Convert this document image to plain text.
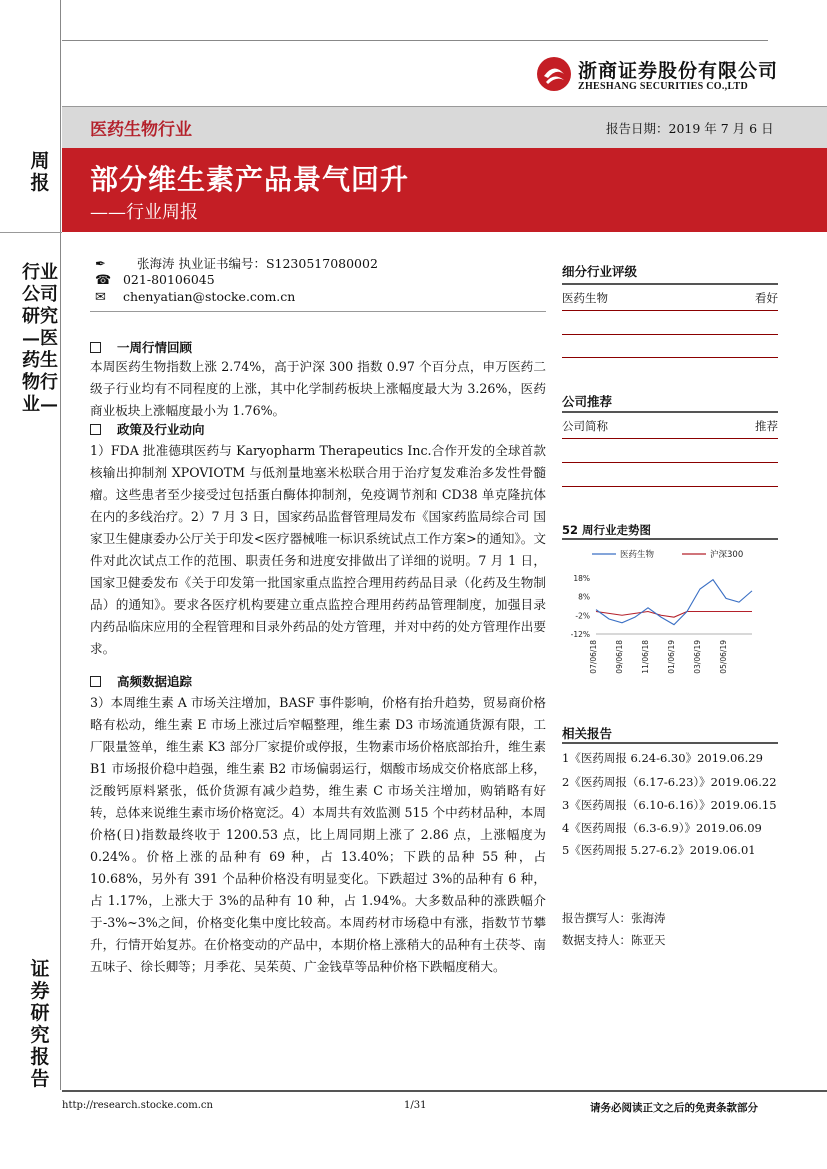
浙商证券股份有限公司
ZHESHANG SECURITIES CO.,LTD
医药生物行业	报告日期：2019 年 7 月 6 日
部分维生素产品景气回升
——行业周报
周报
行业公司研究—医药生物行业—
证券研究报告
✒ 张海涛 执业证书编号：S1230517080002
☎ 021-80106045
✉ chenyatian@stocke.com.cn
一周行情回顾
本周医药生物指数上涨 2.74%，高于沪深 300 指数 0.97 个百分点，申万医药二级子行业均有不同程度的上涨，其中化学制药板块上涨幅度最大为 3.26%，医药商业板块上涨幅度最小为 1.76%。
政策及行业动向
1）FDA 批准德琪医药与 Karyopharm Therapeutics Inc.合作开发的全球首款核输出抑制剂 XPOVIOTM 与低剂量地塞米松联合用于治疗复发难治多发性骨髓瘤。这些患者至少接受过包括蛋白酶体抑制剂，免疫调节剂和 CD38 单克隆抗体在内的多线治疗。2）7 月 3 日，国家药品监督管理局发布《国家药监局综合司 国家卫生健康委办公厅关于印发<医疗器械唯一标识系统试点工作方案>的通知》。文件对此次试点工作的范围、职责任务和进度安排做出了详细的说明。7 月 1 日，国家卫健委发布《关于印发第一批国家重点监控合理用药药品目录（化药及生物制品）的通知》。要求各医疗机构要建立重点监控合理用药药品管理制度，加强目录内药品临床应用的全程管理和目录外药品的处方管理，并对中药的处方管理作出要求。
高频数据追踪
3）本周维生素 A 市场关注增加，BASF 事件影响，价格有抬升趋势，贸易商价格略有松动，维生素 E 市场上涨过后窄幅整理，维生素 D3 市场流通货源有限，工厂限量签单，维生素 K3 部分厂家提价或停报，生物素市场价格底部抬升，维生素 B1 市场报价稳中趋强，维生素 B2 市场偏弱运行，烟酸市场成交价格底部上移，泛酸钙原料紧张，低价货源有减少趋势，维生素 C 市场关注增加，购销略有好转，总体来说维生素市场价格宽泛。4）本周共有效监测 515 个中药材品种，本周价格(日)指数最终收于 1200.53 点，比上周同期上涨了 2.86 点，上涨幅度为 0.24%。价格上涨的品种有 69 种，占 13.40%；下跌的品种 55 种，占 10.68%，另外有 391 个品种价格没有明显变化。下跌超过 3%的品种有 6 种，占 1.17%，上涨大于 3%的品种有 10 种，占 1.94%。大多数品种的涨跌幅介于-3%~3%之间，价格变化集中度比较高。本周药材市场稳中有涨，指数节节攀升，行情开始复苏。在价格变动的产品中，本期价格上涨稍大的品种有土茯苓、南五味子、徐长卿等；月季花、吴茱萸、广金钱草等品种价格下跌幅度稍大。
细分行业评级
医药生物	看好
公司推荐
公司简称	推荐
52 周行业走势图
医药生物	沪深300
18%
8%
-2%
-12%
07/06/18 09/06/18 11/06/18 01/06/19 03/06/19 05/06/19
相关报告
1《医药周报 6.24-6.30》2019.06.29
2《医药周报（6.17-6.23）》2019.06.22
3《医药周报（6.10-6.16）》2019.06.15
4《医药周报（6.3-6.9）》2019.06.09
5《医药周报 5.27-6.2》2019.06.01
报告撰写人：张海涛
数据支持人：陈亚天
http://research.stocke.com.cn	1/31	请务必阅读正文之后的免责条款部分
